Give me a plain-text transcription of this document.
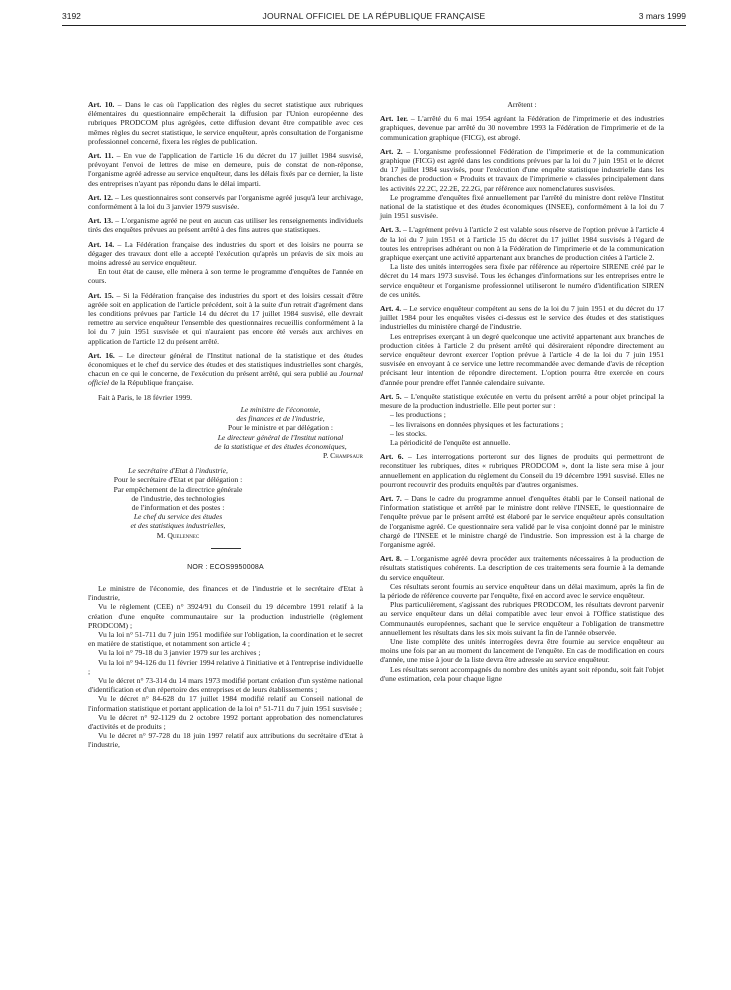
3192	JOURNAL OFFICIEL DE LA RÉPUBLIQUE FRANÇAISE	3 mars 1999

Art. 10. – Dans le cas où l'application des règles du secret statistique aux rubriques élémentaires du questionnaire empêcherait la diffusion par l'Union européenne des rubriques PRODCOM plus agrégées, cette diffusion devant être compatible avec ces mêmes règles du secret statistique, le service enquêteur, après consultation de l'organisme professionnel concerné, fixera les règles de publication.

Art. 11. – En vue de l'application de l'article 16 du décret du 17 juillet 1984 susvisé, prévoyant l'envoi de lettres de mise en demeure, puis de constat de non-réponse, l'organisme agréé adresse au service enquêteur, dans les délais fixés par ce dernier, la liste des entreprises n'ayant pas répondu dans le délai imparti.

Art. 12. – Les questionnaires sont conservés par l'organisme agréé jusqu'à leur archivage, conformément à la loi du 3 janvier 1979 susvisée.

Art. 13. – L'organisme agréé ne peut en aucun cas utiliser les renseignements individuels tirés des enquêtes prévues au présent arrêté à des fins autres que statistiques.

Art. 14. – La Fédération française des industries du sport et des loisirs ne pourra se dégager des travaux dont elle a accepté l'exécution qu'après un préavis de six mois au moins adressé au service enquêteur.

En tout état de cause, elle mènera à son terme le programme d'enquêtes de l'année en cours.

Art. 15. – Si la Fédération française des industries du sport et des loisirs cessait d'être agréée soit en application de l'article précédent, soit à la suite d'un retrait d'agrément dans les conditions prévues par l'article 14 du décret du 17 juillet 1984 susvisé, elle devrait remettre au service enquêteur l'ensemble des questionnaires recueillis conformément à la loi du 7 juin 1951 susvisée et qui n'auraient pas encore été versés aux archives en application de l'article 12 du présent arrêté.

Art. 16. – Le directeur général de l'Institut national de la statistique et des études économiques et le chef du service des études et des statistiques industrielles sont chargés, chacun en ce qui le concerne, de l'exécution du présent arrêté, qui sera publié au Journal officiel de la République française.

Fait à Paris, le 18 février 1999.

Le ministre de l'économie,
des finances et de l'industrie,
Pour le ministre et par délégation :
Le directeur général de l'Institut national
de la statistique et des études économiques,
P. Champsaur
Le secrétaire d'Etat à l'industrie,
Pour le secrétaire d'Etat et par délégation :
Par empêchement de la directrice générale
de l'industrie, des technologies
de l'information et des postes :
Le chef du service des études
et des statistiques industrielles,
M. Quelennec
NOR : ECOS9950008A

Le ministre de l'économie, des finances et de l'industrie et le secrétaire d'Etat à l'industrie,

Vu le règlement (CEE) n° 3924/91 du Conseil du 19 décembre 1991 relatif à la création d'une enquête communautaire sur la production industrielle (règlement PRODCOM) ;

Vu la loi n° 51-711 du 7 juin 1951 modifiée sur l'obligation, la coordination et le secret en matière de statistique, et notamment son article 4 ;

Vu la loi n° 79-18 du 3 janvier 1979 sur les archives ;

Vu la loi n° 94-126 du 11 février 1994 relative à l'initiative et à l'entreprise individuelle ;

Vu le décret n° 73-314 du 14 mars 1973 modifié portant création d'un système national d'identification et d'un répertoire des entreprises et de leurs établissements ;

Vu le décret n° 84-628 du 17 juillet 1984 modifié relatif au Conseil national de l'information statistique et portant application de la loi n° 51-711 du 7 juin 1951 susvisée ;

Vu le décret n° 92-1129 du 2 octobre 1992 portant approbation des nomenclatures d'activités et de produits ;

Vu le décret n° 97-728 du 18 juin 1997 relatif aux attributions du secrétaire d'Etat à l'industrie,

Arrêtent :

Art. 1er. – L'arrêté du 6 mai 1954 agréant la Fédération de l'imprimerie et des industries graphiques, devenue par arrêté du 30 novembre 1993 la Fédération de l'imprimerie et de la communication graphique (FICG), est abrogé.

Art. 2. – L'organisme professionnel Fédération de l'imprimerie et de la communication graphique (FICG) est agréé dans les conditions prévues par la loi du 7 juin 1951 et le décret du 17 juillet 1984 susvisés, pour l'exécution d'une enquête statistique industrielle dans les branches de production « Produits et travaux de l'imprimerie » classées principalement dans les activités 22.2C, 22.2E, 22.2G, par référence aux nomenclatures susvisées.

Le programme d'enquêtes fixé annuellement par l'arrêté du ministre dont relève l'Institut national de la statistique et des études économiques (INSEE), conformément à la loi du 7 juin 1951 susvisée.

Art. 3. – L'agrément prévu à l'article 2 est valable sous réserve de l'option prévue à l'article 4 de la loi du 7 juin 1951 et à l'article 15 du décret du 17 juillet 1984 susvisés à l'égard de toutes les entreprises adhérant ou non à la Fédération de l'imprimerie et de la communication graphique exerçant une activité appartenant aux branches de production citées à l'article 2.

La liste des unités interrogées sera fixée par référence au répertoire SIRENE créé par le décret du 14 mars 1973 susvisé. Tous les échanges d'informations sur les entreprises entre le service enquêteur et l'organisme professionnel utiliseront le numéro d'identification SIREN de ces unités.

Art. 4. – Le service enquêteur compétent au sens de la loi du 7 juin 1951 et du décret du 17 juillet 1984 pour les enquêtes visées ci-dessus est le service des études et des statistiques industrielles du ministère chargé de l'industrie.

Les entreprises exerçant à un degré quelconque une activité appartenant aux branches de production citées à l'article 2 du présent arrêté qui désireraient répondre directement au service enquêteur devront exercer l'option prévue à l'article 4 de la loi du 7 juin 1951 susvisée en envoyant à ce service une lettre recommandée avec demande d'avis de réception précisant leur intention de répondre directement. L'option pourra être exercée en cours d'année pour prendre effet l'année calendaire suivante.

Art. 5. – L'enquête statistique exécutée en vertu du présent arrêté a pour objet principal la mesure de la production industrielle. Elle peut porter sur :

– les productions ;

– les livraisons en données physiques et les facturations ;

– les stocks.

La périodicité de l'enquête est annuelle.

Art. 6. – Les interrogations porteront sur des lignes de produits qui permettront de reconstituer les rubriques, dites « rubriques PRODCOM », dont la liste sera mise à jour annuellement en application du règlement du Conseil du 19 décembre 1991 susvisé. Elles ne pourront recouvrir des produits enquêtés par d'autres organismes.

Art. 7. – Dans le cadre du programme annuel d'enquêtes établi par le Conseil national de l'information statistique et arrêté par le ministre dont relève l'INSEE, le questionnaire de l'enquête prévue par le présent arrêté est élaboré par le service enquêteur après consultation de l'organisme agréé. Ce questionnaire sera validé par le visa conjoint donné par le ministre chargé de l'INSEE et le ministre chargé de l'industrie. Son impression est à la charge de l'organisme agréé.

Art. 8. – L'organisme agréé devra procéder aux traitements nécessaires à la production de résultats statistiques cohérents. La description de ces traitements sera fournie à la demande du service enquêteur.

Ces résultats seront fournis au service enquêteur dans un délai maximum, après la fin de la période de référence couverte par l'enquête, fixé en accord avec le service enquêteur.

Plus particulièrement, s'agissant des rubriques PRODCOM, les résultats devront parvenir au service enquêteur dans un délai compatible avec leur envoi à l'Office statistique des Communautés européennes, sachant que le service enquêteur a l'obligation de transmettre annuellement les résultats dans les six mois suivant la fin de l'année observée.

Une liste complète des unités interrogées devra être fournie au service enquêteur au moins une fois par an au moment du lancement de l'enquête. En cas de modification en cours d'année, une mise à jour de la liste devra être adressée au service enquêteur.

Les résultats seront accompagnés du nombre des unités ayant soit répondu, soit fait l'objet d'une estimation, cela pour chaque ligne
